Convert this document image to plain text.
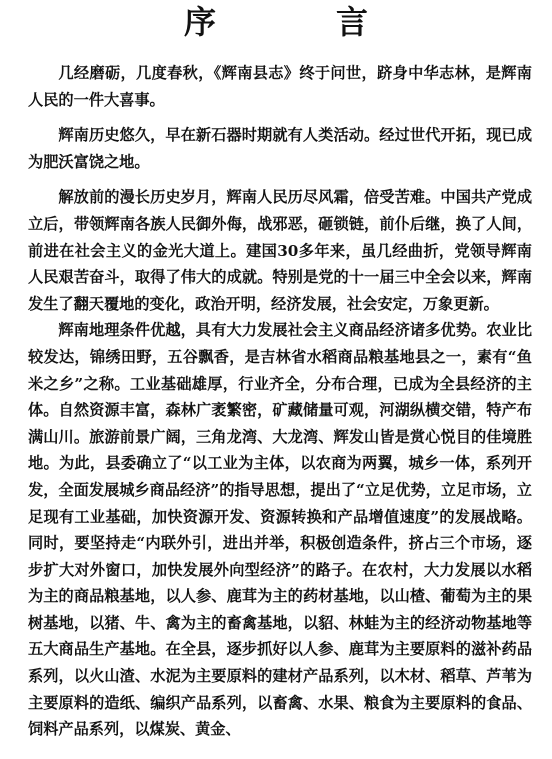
序　言

几经磨砺，几度春秋，《辉南县志》终于问世，跻身中华志林，是辉南人民的一件大喜事。

辉南历史悠久，早在新石器时期就有人类活动。经过世代开拓，现已成为肥沃富饶之地。

解放前的漫长历史岁月，辉南人民历尽风霜，倍受苦难。中国共产党成立后，带领辉南各族人民御外侮，战邪恶，砸锁链，前仆后继，换了人间，前进在社会主义的金光大道上。建国30多年来，虽几经曲折，党领导辉南人民艰苦奋斗，取得了伟大的成就。特别是党的十一届三中全会以来，辉南发生了翻天覆地的变化，政治开明，经济发展，社会安定，万象更新。

辉南地理条件优越，具有大力发展社会主义商品经济诸多优势。农业比较发达，锦绣田野，五谷飘香，是吉林省水稻商品粮基地县之一，素有“鱼米之乡”之称。工业基础雄厚，行业齐全，分布合理，已成为全县经济的主体。自然资源丰富，森林广袤繁密，矿藏储量可观，河湖纵横交错，特产布满山川。旅游前景广阔，三角龙湾、大龙湾、辉发山皆是赏心悦目的佳境胜地。为此，县委确立了“以工业为主体，以农商为两翼，城乡一体，系列开发，全面发展城乡商品经济”的指导思想，提出了“立足优势，立足市场，立足现有工业基础，加快资源开发、资源转换和产品增值速度”的发展战略。同时，要坚持走“内联外引，进出并举，积极创造条件，挤占三个市场，逐步扩大对外窗口，加快发展外向型经济”的路子。在农村，大力发展以水稻为主的商品粮基地，以人参、鹿茸为主的药材基地，以山楂、葡萄为主的果树基地，以猪、牛、禽为主的畜禽基地，以貂、林蛙为主的经济动物基地等五大商品生产基地。在全县，逐步抓好以人参、鹿茸为主要原料的滋补药品系列，以火山渣、水泥为主要原料的建材产品系列，以木材、稻草、芦苇为主要原料的造纸、编织产品系列，以畜禽、水果、粮食为主要原料的食品、饲料产品系列，以煤炭、黄金、
